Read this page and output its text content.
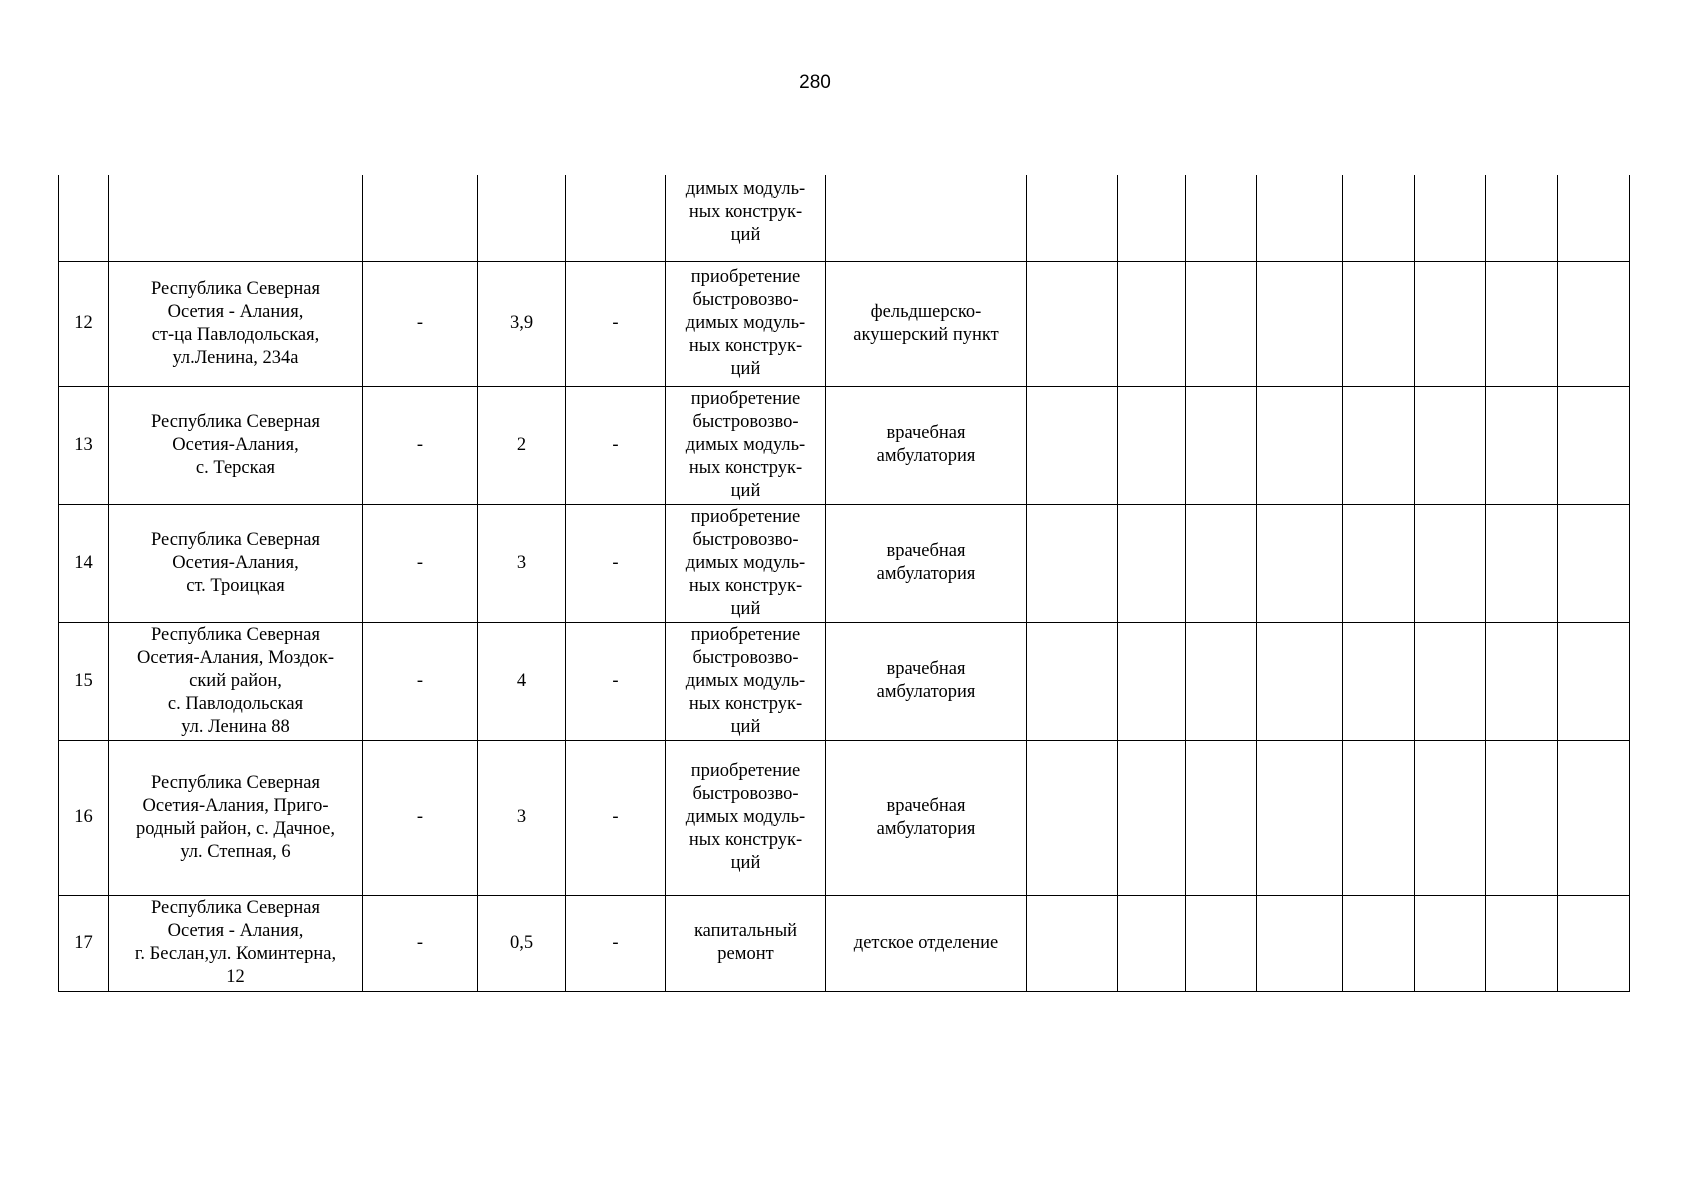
280
					димых модуль-
ных конструк-
ций									
12	Республика Северная
Осетия - Алания,
ст-ца Павлодольская,
ул.Ленина, 234а	-	3,9	-	приобретение
быстровозво-
димых модуль-
ных конструк-
ций	фельдшерско-
акушерский пункт								
13	Республика Северная
Осетия-Алания,
с. Терская	-	2	-	приобретение
быстровозво-
димых модуль-
ных конструк-
ций	врачебная
амбулатория								
14	Республика Северная
Осетия-Алания,
ст. Троицкая	-	3	-	приобретение
быстровозво-
димых модуль-
ных конструк-
ций	врачебная
амбулатория								
15	Республика Северная
Осетия-Алания, Моздок-
ский район,
с. Павлодольская
ул. Ленина 88	-	4	-	приобретение
быстровозво-
димых модуль-
ных конструк-
ций	врачебная
амбулатория								
16	Республика Северная
Осетия-Алания, Приго-
родный район, с. Дачное,
ул. Степная, 6	-	3	-	приобретение
быстровозво-
димых модуль-
ных конструк-
ций	врачебная
амбулатория								
17	Республика Северная
Осетия - Алания,
г. Беслан,ул. Коминтерна,
12	-	0,5	-	капитальный
ремонт	детское отделение								
